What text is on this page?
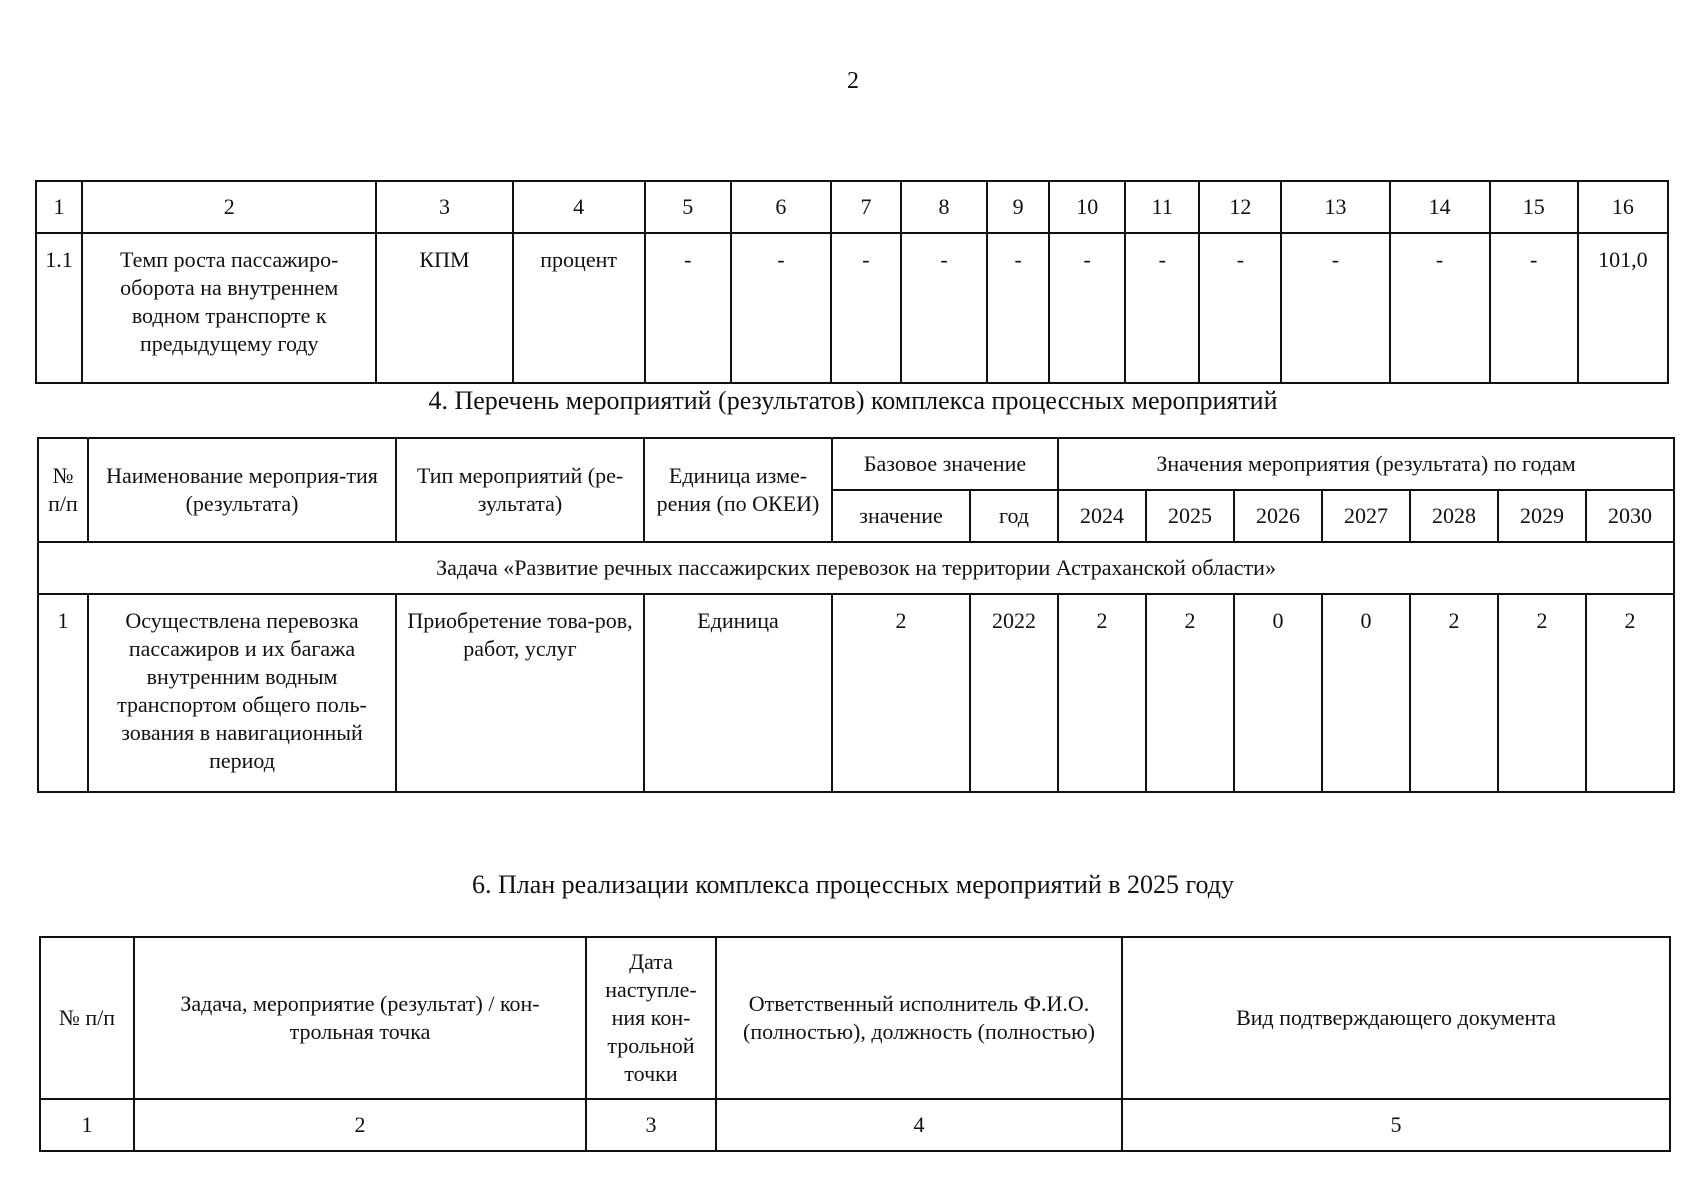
2
1	2	3	4	5	6	7	8	9	10	11	12	13	14	15	16
1.1	Темп роста пассажиро-оборота на внутреннем водном транспорте к предыдущему году	КПМ	процент	-	-	-	-	-	-	-	-	-	-	-	101,0
4. Перечень мероприятий (результатов) комплекса процессных мероприятий
№ п/п	Наименование мероприя-тия (результата)	Тип мероприятий (ре-зультата)	Единица изме-рения (по ОКЕИ)	Базовое значение		Значения мероприятия (результата) по годам						
				значение	год	2024	2025	2026	2027	2028	2029	2030
Задача «Развитие речных пассажирских перевозок на территории Астраханской области»												
1	Осуществлена перевозка пассажиров и их багажа внутренним водным транспортом общего поль-зования в навигационный период	Приобретение това-ров, работ, услуг	Единица	2	2022	2	2	0	0	2	2	2
6. План реализации комплекса процессных мероприятий в 2025 году
№ п/п	Задача, мероприятие (результат) / кон-трольная точка	Дата наступле-ния кон-трольной точки	Ответственный исполнитель Ф.И.О. (полностью), должность (полностью)	Вид подтверждающего документа
1	2	3	4	5
